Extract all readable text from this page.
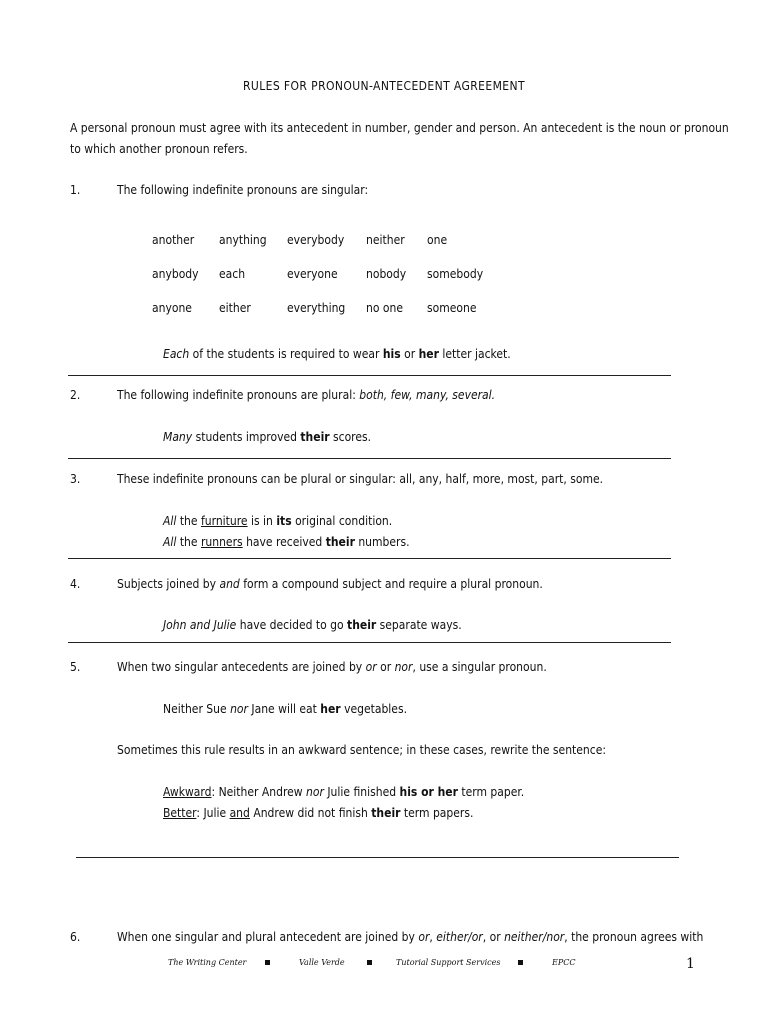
RULES FOR PRONOUN-ANTECEDENT AGREEMENT
A personal pronoun must agree with its antecedent in number, gender and person. An antecedent is the noun or pronoun
to which another pronoun refers.
1.	The following indefinite pronouns are singular:
another	anything	everybody	neither	one
anybody	each	everyone	nobody	somebody
anyone	either	everything	no one	someone
Each of the students is required to wear his or her letter jacket.
2.	The following indefinite pronouns are plural: both, few, many, several.
Many students improved their scores.
3.	These indefinite pronouns can be plural or singular: all, any, half, more, most, part, some.
All the furniture is in its original condition.
All the runners have received their numbers.
4.	Subjects joined by and form a compound subject and require a plural pronoun.
John and Julie have decided to go their separate ways.
5.	When two singular antecedents are joined by or or nor, use a singular pronoun.
Neither Sue nor Jane will eat her vegetables.
Sometimes this rule results in an awkward sentence; in these cases, rewrite the sentence:
Awkward: Neither Andrew nor Julie finished his or her term paper.
Better: Julie and Andrew did not finish their term papers.
6.	When one singular and plural antecedent are joined by or, either/or, or neither/nor, the pronoun agrees with
The Writing Center	Valle Verde	Tutorial Support Services	EPCC	1
